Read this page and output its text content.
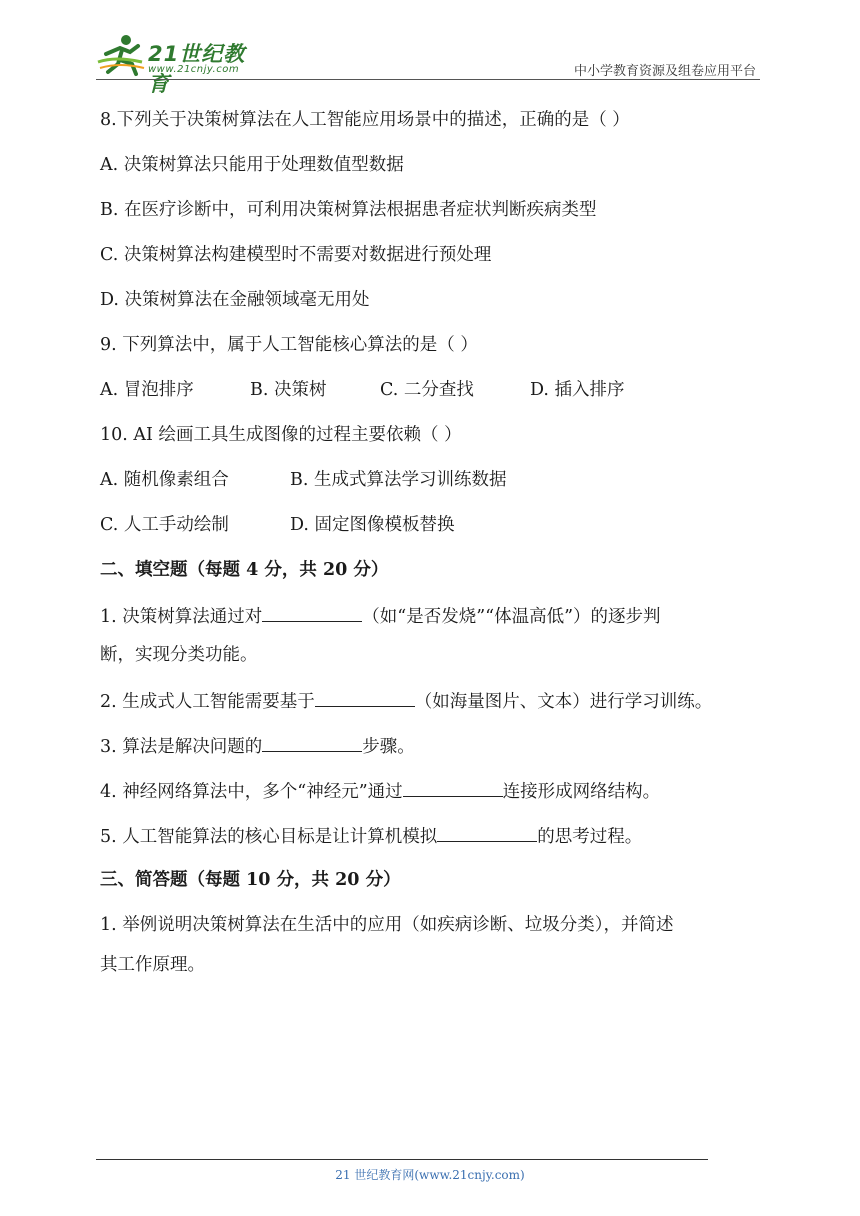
21世纪教育
www.21cnjy.com	中小学教育资源及组卷应用平台
8.下列关于决策树算法在人工智能应用场景中的描述，正确的是（ ）
A. 决策树算法只能用于处理数值型数据
B. 在医疗诊断中，可利用决策树算法根据患者症状判断疾病类型
C. 决策树算法构建模型时不需要对数据进行预处理
D. 决策树算法在金融领域毫无用处
9. 下列算法中，属于人工智能核心算法的是（ ）
A. 冒泡排序	B. 决策树	C. 二分查找	D. 插入排序
10. AI 绘画工具生成图像的过程主要依赖（ ）
A. 随机像素组合	B. 生成式算法学习训练数据
C. 人工手动绘制	D. 固定图像模板替换
二、填空题（每题 4 分，共 20 分）
1. 决策树算法通过对	（如“是否发烧”“体温高低”）的逐步判
断，实现分类功能。
2. 生成式人工智能需要基于	（如海量图片、文本）进行学习训练。
3. 算法是解决问题的	步骤。
4. 神经网络算法中，多个“神经元”通过	连接形成网络结构。
5. 人工智能算法的核心目标是让计算机模拟	的思考过程。
三、简答题（每题 10 分，共 20 分）
1. 举例说明决策树算法在生活中的应用（如疾病诊断、垃圾分类），并简述
其工作原理。
21 世纪教育网(www.21cnjy.com)
